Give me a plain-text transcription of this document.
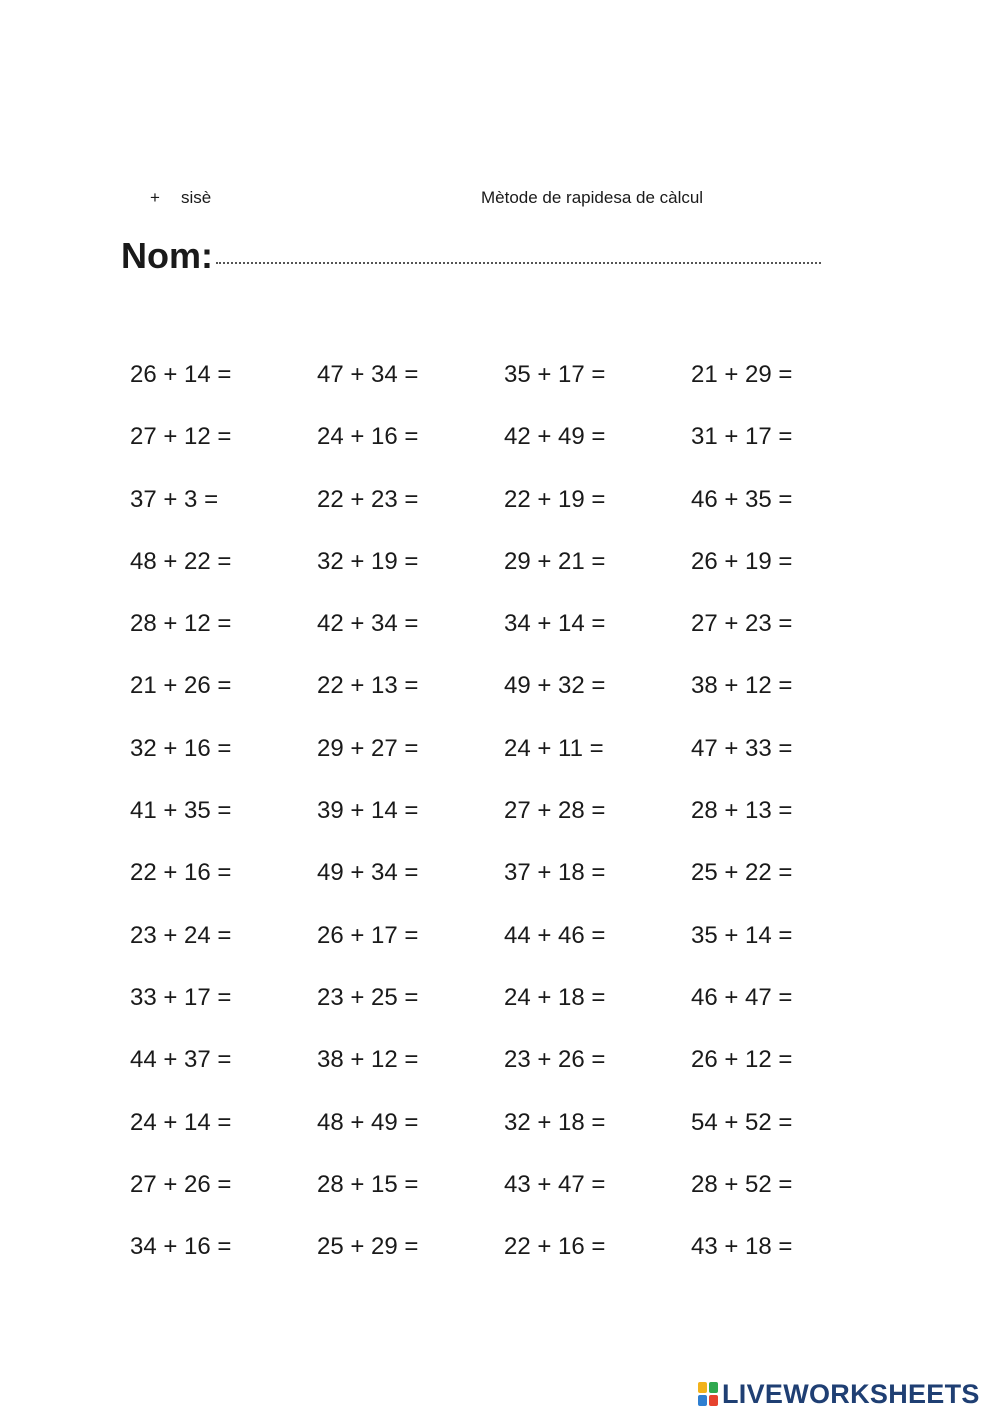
+ sisè	Mètode de rapidesa de càlcul
Nom:
26 + 14 =	47 + 34 =	35 + 17 =	21 + 29 =
27 + 12 =	24 + 16 =	42 + 49 =	31 + 17 =
37 + 3 =	22 + 23 =	22 + 19 =	46 + 35 =
48 + 22 =	32 + 19 =	29 + 21 =	26 + 19 =
28 + 12 =	42 + 34 =	34 + 14 =	27 + 23 =
21 + 26 =	22 + 13 =	49 + 32 =	38 + 12 =
32 + 16 =	29 + 27 =	24 + 11 =	47 + 33 =
41 + 35 =	39 + 14 =	27 + 28 =	28 + 13 =
22 + 16 =	49 + 34 =	37 + 18 =	25 + 22 =
23 + 24 =	26 + 17 =	44 + 46 =	35 + 14 =
33 + 17 =	23 + 25 =	24 + 18 =	46 + 47 =
44 + 37 =	38 + 12 =	23 + 26 =	26 + 12 =
24 + 14 =	48 + 49 =	32 + 18 =	54 + 52 =
27 + 26 =	28 + 15 =	43 + 47 =	28 + 52 =
34 + 16 =	25 + 29 =	22 + 16 =	43 + 18 =
LIVEWORKSHEETS
